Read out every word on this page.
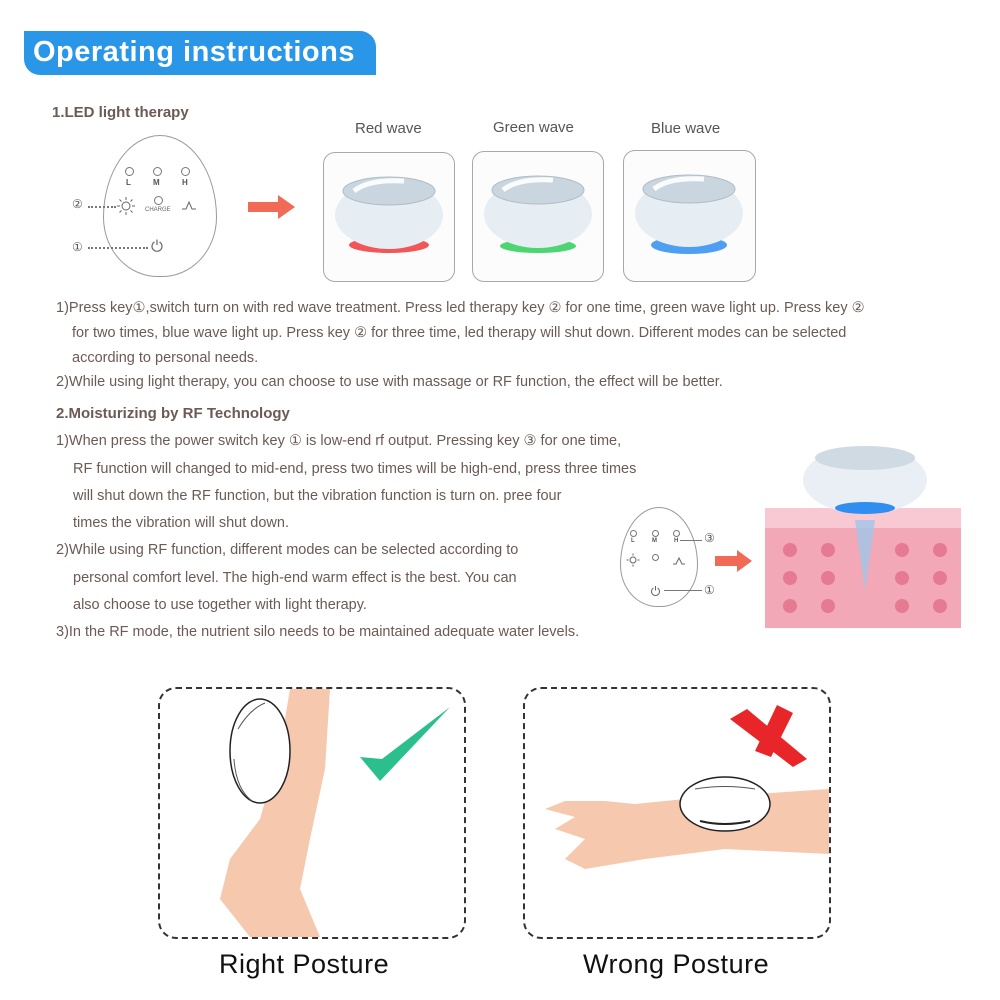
Operating instructions
1.LED light therapy
L	M	H
CHARGE
②
①
Red wave	Green wave	Blue wave
1)Press key①,switch turn on with red wave treatment. Press led therapy key ② for one time, green wave light up. Press key ②
for two times, blue wave light up. Press key ② for three time, led therapy will shut down. Different modes can be selected
according to personal needs.
2)While using light therapy, you can choose to use with massage or RF function, the effect will be better.
2.Moisturizing by RF Technology
1)When press the power switch key ① is low-end rf output. Pressing key ③ for one time,
RF function will changed to mid-end, press two times will be high-end, press three times
will shut down the RF function, but the vibration function is turn on. pree four
times the vibration will shut down.
2)While using RF function, different modes can be selected according to
personal comfort level. The high-end warm effect is the best. You can
also choose to use together with light therapy.
3)In the RF mode, the nutrient silo needs to be maintained adequate water levels.
L	M	H ③
①
Right Posture	Wrong Posture
